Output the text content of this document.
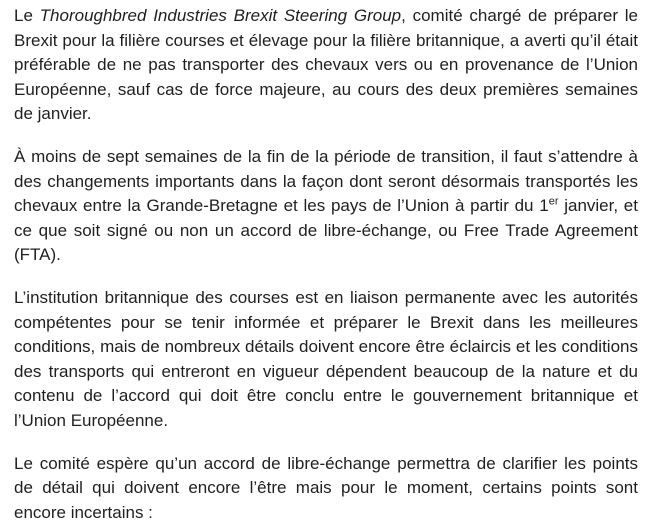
Le Thoroughbred Industries Brexit Steering Group, comité chargé de préparer le Brexit pour la filière courses et élevage pour la filière britannique, a averti qu’il était préférable de ne pas transporter des chevaux vers ou en provenance de l’Union Européenne, sauf cas de force majeure, au cours des deux premières semaines de janvier.

À moins de sept semaines de la fin de la période de transition, il faut s’attendre à des changements importants dans la façon dont seront désormais transportés les chevaux entre la Grande-Bretagne et les pays de l’Union à partir du 1er janvier, et ce que soit signé ou non un accord de libre-échange, ou Free Trade Agreement (FTA).

L’institution britannique des courses est en liaison permanente avec les autorités compétentes pour se tenir informée et préparer le Brexit dans les meilleures conditions, mais de nombreux détails doivent encore être éclaircis et les conditions des transports qui entreront en vigueur dépendent beaucoup de la nature et du contenu de l’accord qui doit être conclu entre le gouvernement britannique et l’Union Européenne.

Le comité espère qu’un accord de libre-échange permettra de clarifier les points de détail qui doivent encore l’être mais pour le moment, certains points sont encore incertains :
